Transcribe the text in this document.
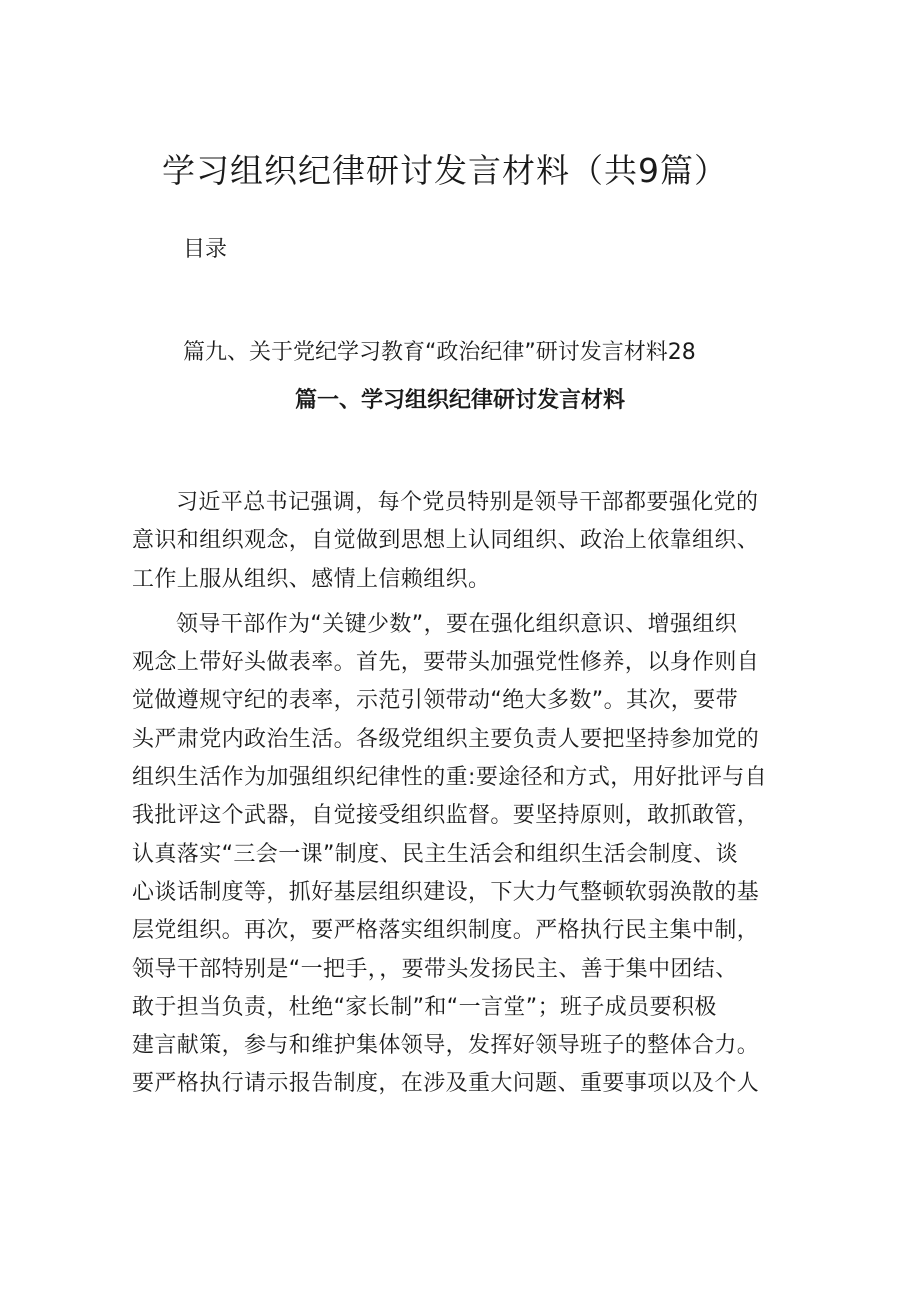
学习组织纪律研讨发言材料（共9篇）
目录
篇九、关于党纪学习教育“政治纪律”研讨发言材料28
篇一、学习组织纪律研讨发言材料
习近平总书记强调，每个党员特别是领导干部都要强化党的
意识和组织观念，自觉做到思想上认同组织、政治上依靠组织、
工作上服从组织、感情上信赖组织。
领导干部作为“关键少数”，要在强化组织意识、增强组织
观念上带好头做表率。首先，要带头加强党性修养，以身作则自
觉做遵规守纪的表率，示范引领带动“绝大多数”。其次，要带
头严肃党内政治生活。各级党组织主要负责人要把坚持参加党的
组织生活作为加强组织纪律性的重:要途径和方式，用好批评与自
我批评这个武器，自觉接受组织监督。要坚持原则，敢抓敢管，
认真落实“三会一课”制度、民主生活会和组织生活会制度、谈
心谈话制度等，抓好基层组织建设，下大力气整顿软弱涣散的基
层党组织。再次，要严格落实组织制度。严格执行民主集中制，
领导干部特别是“一把手，，要带头发扬民主、善于集中团结、
敢于担当负责，杜绝“家长制”和“一言堂”；班子成员要积极
建言献策，参与和维护集体领导，发挥好领导班子的整体合力。
要严格执行请示报告制度，在涉及重大问题、重要事项以及个人
